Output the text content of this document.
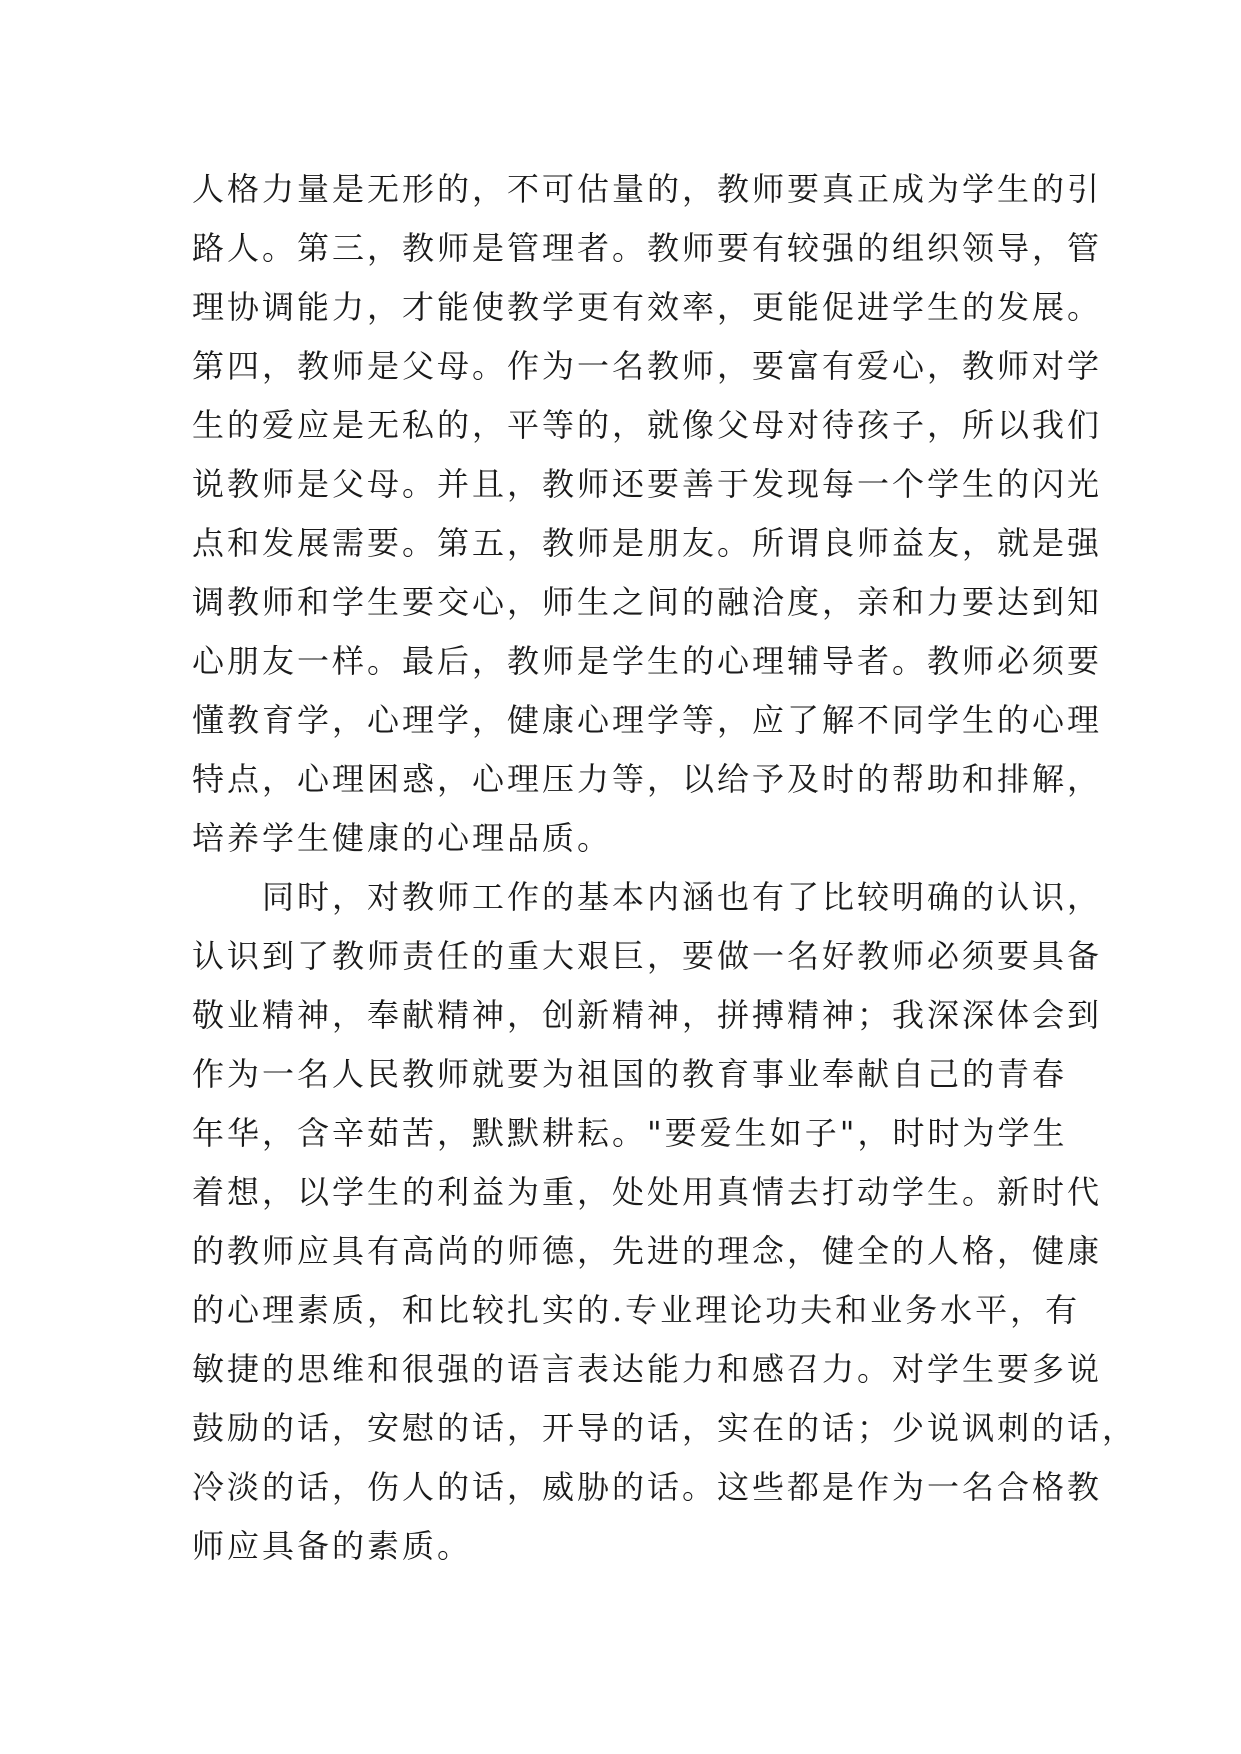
人格力量是无形的，不可估量的，教师要真正成为学生的引
路人。第三，教师是管理者。教师要有较强的组织领导，管
理协调能力，才能使教学更有效率，更能促进学生的发展。
第四，教师是父母。作为一名教师，要富有爱心，教师对学
生的爱应是无私的，平等的，就像父母对待孩子，所以我们
说教师是父母。并且，教师还要善于发现每一个学生的闪光
点和发展需要。第五，教师是朋友。所谓良师益友，就是强
调教师和学生要交心，师生之间的融洽度，亲和力要达到知
心朋友一样。最后，教师是学生的心理辅导者。教师必须要
懂教育学，心理学，健康心理学等，应了解不同学生的心理
特点，心理困惑，心理压力等，以给予及时的帮助和排解，
培养学生健康的心理品质。
同时，对教师工作的基本内涵也有了比较明确的认识，
认识到了教师责任的重大艰巨，要做一名好教师必须要具备
敬业精神，奉献精神，创新精神，拼搏精神；我深深体会到
作为一名人民教师就要为祖国的教育事业奉献自己的青春
年华，含辛茹苦，默默耕耘。"要爱生如子"，时时为学生
着想，以学生的利益为重，处处用真情去打动学生。新时代
的教师应具有高尚的师德，先进的理念，健全的人格，健康
的心理素质，和比较扎实的.专业理论功夫和业务水平，有
敏捷的思维和很强的语言表达能力和感召力。对学生要多说
鼓励的话，安慰的话，开导的话，实在的话；少说讽刺的话，
冷淡的话，伤人的话，威胁的话。这些都是作为一名合格教
师应具备的素质。
